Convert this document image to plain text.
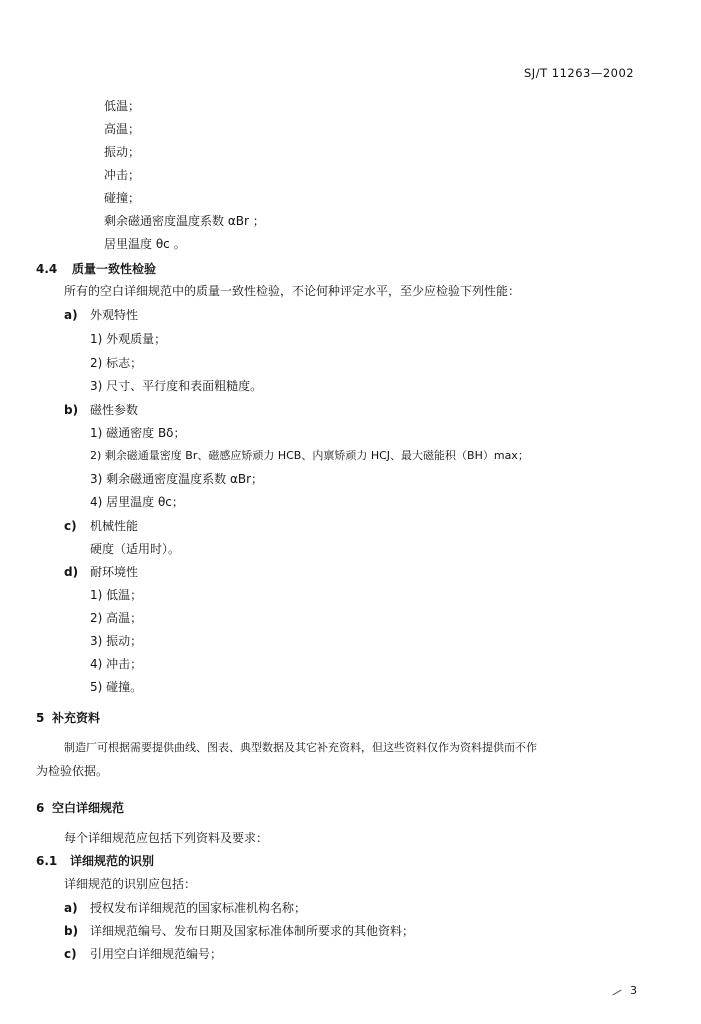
SJ/T 11263—2002
低温；
高温；
振动；
冲击；
碰撞；
剩余磁通密度温度系数 αBr ；
居里温度 θc 。
4.4 质量一致性检验
所有的空白详细规范中的质量一致性检验，不论何种评定水平，至少应检验下列性能：
a) 外观特性
1) 外观质量；
2) 标志；
3) 尺寸、平行度和表面粗糙度。
b) 磁性参数
1) 磁通密度 Bδ；
2) 剩余磁通量密度 Br、磁感应矫顽力 HCB、内禀矫顽力 HCJ、最大磁能积（BH）max；
3) 剩余磁通密度温度系数 αBr；
4) 居里温度 θc；
c) 机械性能
硬度（适用时）。
d) 耐环境性
1) 低温；
2) 高温；
3) 振动；
4) 冲击；
5) 碰撞。
5 补充资料
制造厂可根据需要提供曲线、图表、典型数据及其它补充资料，但这些资料仅作为资料提供而不作
为检验依据。
6 空白详细规范
每个详细规范应包括下列资料及要求：
6.1 详细规范的识别
详细规范的识别应包括：
a) 授权发布详细规范的国家标准机构名称；
b) 详细规范编号、发布日期及国家标准体制所要求的其他资料；
c) 引用空白详细规范编号；
3
